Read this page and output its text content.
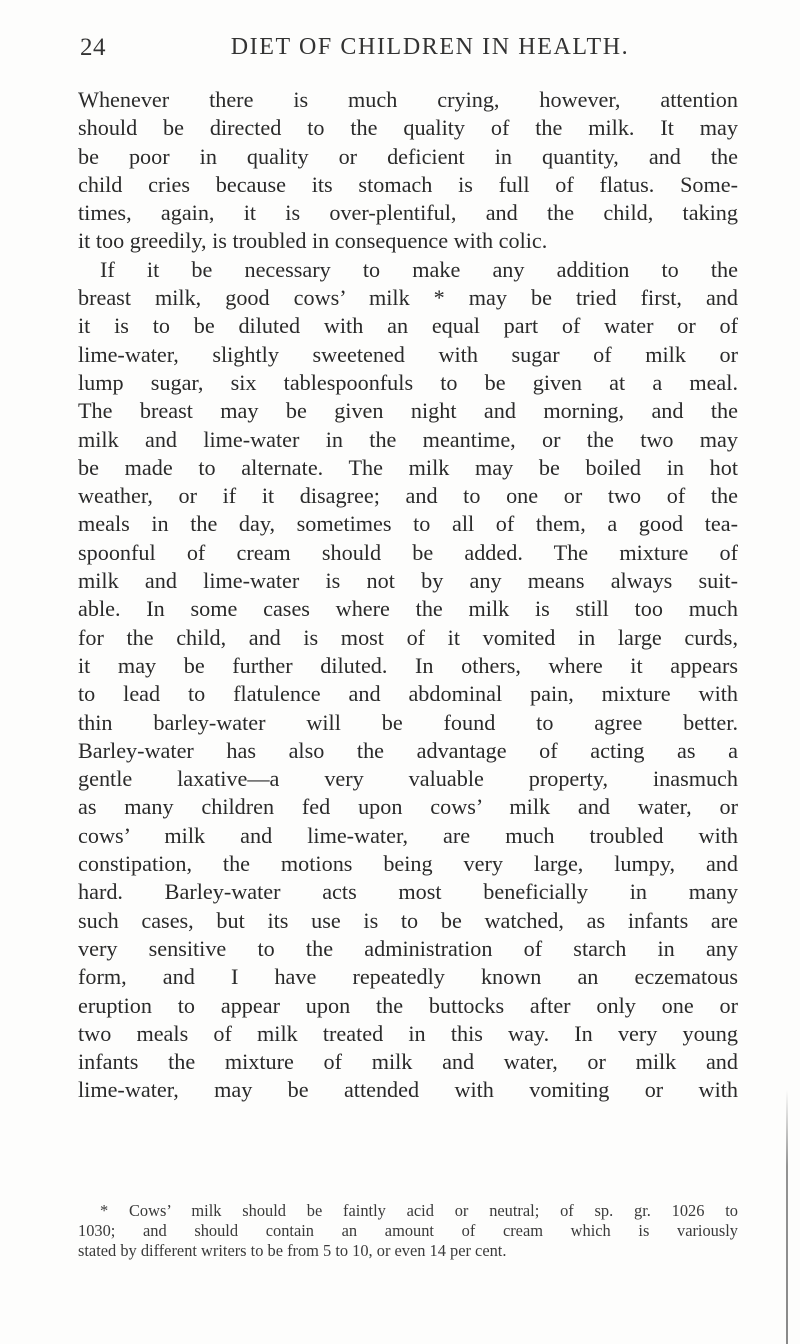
24	DIET OF CHILDREN IN HEALTH.
Whenever there is much crying, however, attention
should be directed to the quality of the milk. It may
be poor in quality or deficient in quantity, and the
child cries because its stomach is full of flatus. Some-
times, again, it is over-plentiful, and the child, taking
it too greedily, is troubled in consequence with colic.
If it be necessary to make any addition to the
breast milk, good cows’ milk * may be tried first, and
it is to be diluted with an equal part of water or of
lime-water, slightly sweetened with sugar of milk or
lump sugar, six tablespoonfuls to be given at a meal.
The breast may be given night and morning, and the
milk and lime-water in the meantime, or the two may
be made to alternate. The milk may be boiled in hot
weather, or if it disagree; and to one or two of the
meals in the day, sometimes to all of them, a good tea-
spoonful of cream should be added. The mixture of
milk and lime-water is not by any means always suit-
able. In some cases where the milk is still too much
for the child, and is most of it vomited in large curds,
it may be further diluted. In others, where it appears
to lead to flatulence and abdominal pain, mixture with
thin barley-water will be found to agree better.
Barley-water has also the advantage of acting as a
gentle laxative—a very valuable property, inasmuch
as many children fed upon cows’ milk and water, or
cows’ milk and lime-water, are much troubled with
constipation, the motions being very large, lumpy, and
hard. Barley-water acts most beneficially in many
such cases, but its use is to be watched, as infants are
very sensitive to the administration of starch in any
form, and I have repeatedly known an eczematous
eruption to appear upon the buttocks after only one or
two meals of milk treated in this way. In very young
infants the mixture of milk and water, or milk and
lime-water, may be attended with vomiting or with
* Cows’ milk should be faintly acid or neutral; of sp. gr. 1026 to
1030; and should contain an amount of cream which is variously
stated by different writers to be from 5 to 10, or even 14 per cent.
